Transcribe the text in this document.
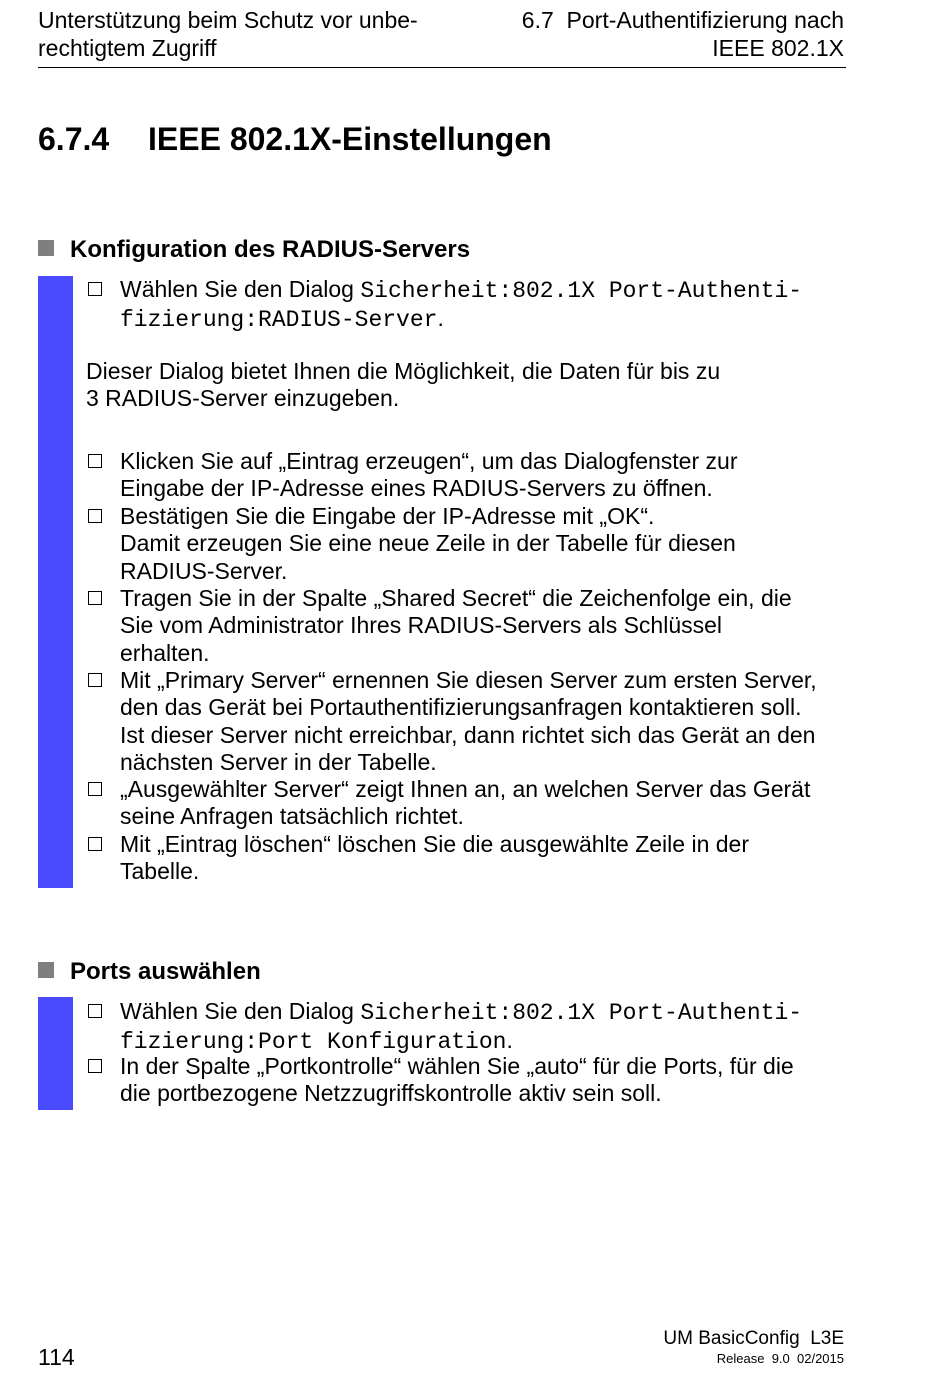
Unterstützung beim Schutz vor unbe-
rechtigtem Zugriff
6.7  Port-Authentifizierung nach
IEEE 802.1X
6.7.4 IEEE 802.1X-Einstellungen
Konfiguration des RADIUS-Servers
Wählen Sie den Dialog Sicherheit:802.1X Port-Authenti-
fizierung:RADIUS-Server.
Dieser Dialog bietet Ihnen die Möglichkeit, die Daten für bis zu
3 RADIUS-Server einzugeben.
Klicken Sie auf „Eintrag erzeugen“, um das Dialogfenster zur
Eingabe der IP-Adresse eines RADIUS-Servers zu öffnen.
Bestätigen Sie die Eingabe der IP-Adresse mit „OK“.
Damit erzeugen Sie eine neue Zeile in der Tabelle für diesen
RADIUS-Server.
Tragen Sie in der Spalte „Shared Secret“ die Zeichenfolge ein, die
Sie vom Administrator Ihres RADIUS-Servers als Schlüssel
erhalten.
Mit „Primary Server“ ernennen Sie diesen Server zum ersten Server,
den das Gerät bei Portauthentifizierungsanfragen kontaktieren soll.
Ist dieser Server nicht erreichbar, dann richtet sich das Gerät an den
nächsten Server in der Tabelle.
„Ausgewählter Server“ zeigt Ihnen an, an welchen Server das Gerät
seine Anfragen tatsächlich richtet.
Mit „Eintrag löschen“ löschen Sie die ausgewählte Zeile in der
Tabelle.
Ports auswählen
Wählen Sie den Dialog Sicherheit:802.1X Port-Authenti-
fizierung:Port Konfiguration.
In der Spalte „Portkontrolle“ wählen Sie „auto“ für die Ports, für die
die portbezogene Netzzugriffskontrolle aktiv sein soll.
114
UM BasicConfig  L3E
Release  9.0  02/2015
